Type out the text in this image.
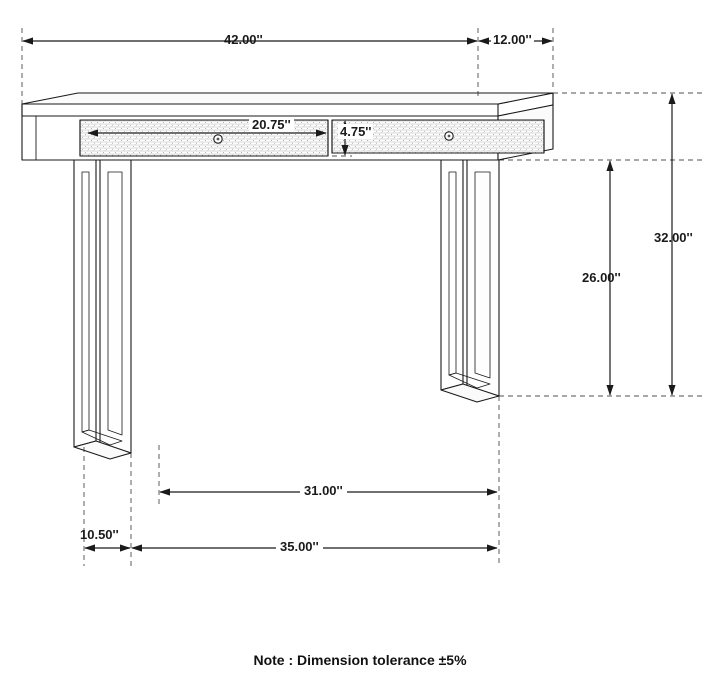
42.00''	12.00''
20.75''	4.75''
32.00''
26.00''
31.00''
35.00''
10.50''
Note : Dimension tolerance ±5%
